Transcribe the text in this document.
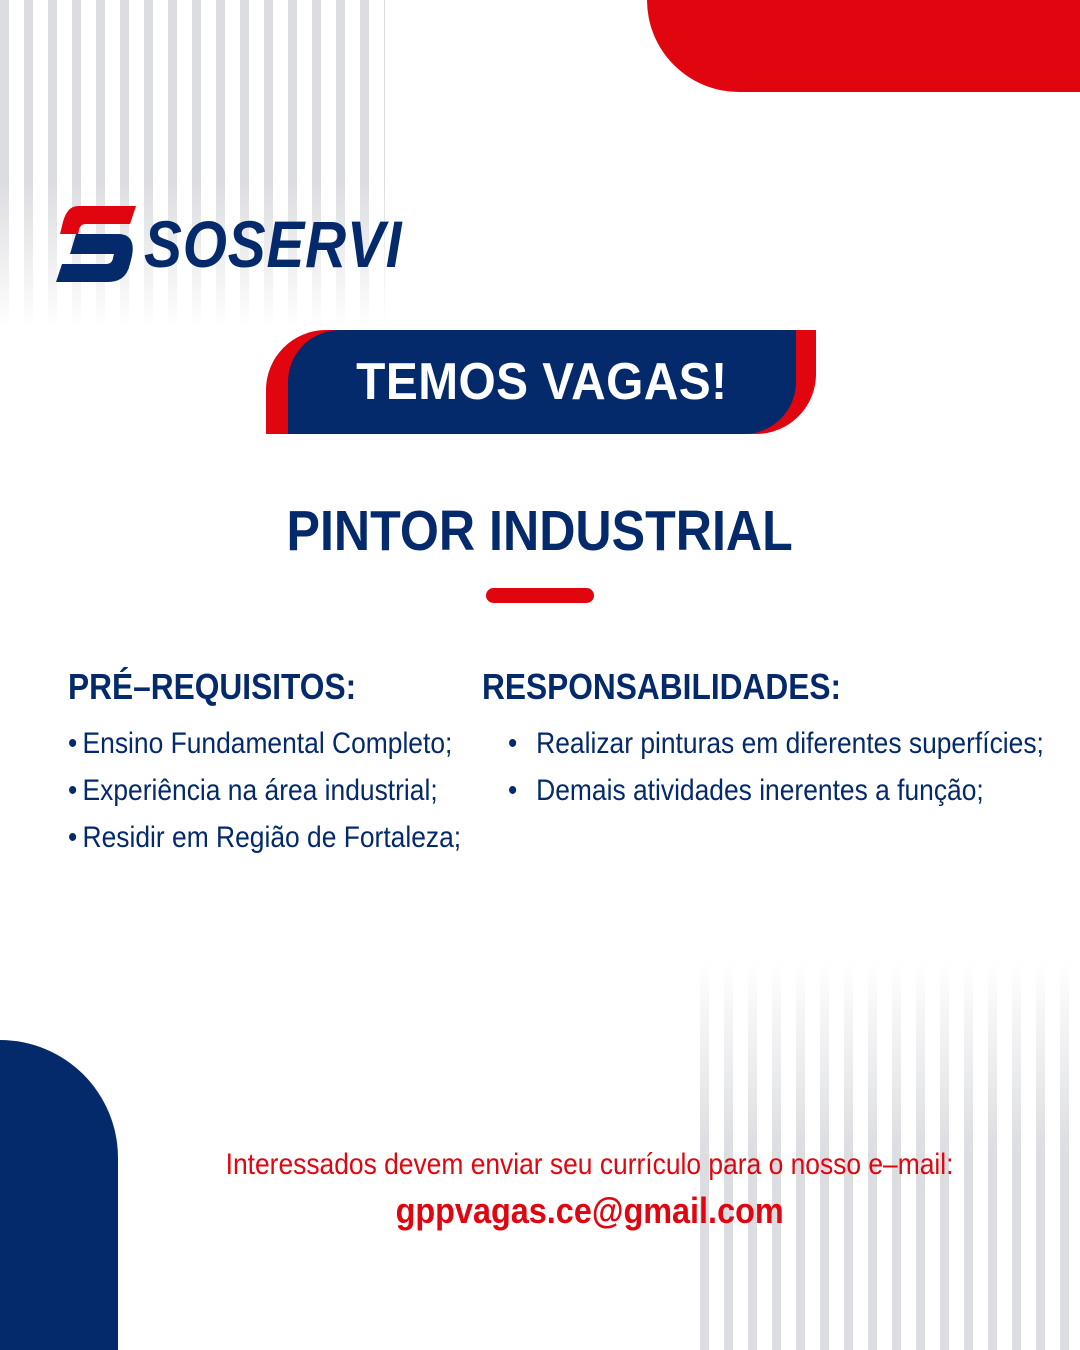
SOSERVI
TEMOS VAGAS!
PINTOR INDUSTRIAL
PRÉ–REQUISITOS:
• Ensino Fundamental Completo;
• Experiência na área industrial;
• Residir em Região de Fortaleza;
RESPONSABILIDADES:
• Realizar pinturas em diferentes superfícies;
• Demais atividades inerentes a função;
Interessados devem enviar seu currículo para o nosso e–mail:
gppvagas.ce@gmail.com
